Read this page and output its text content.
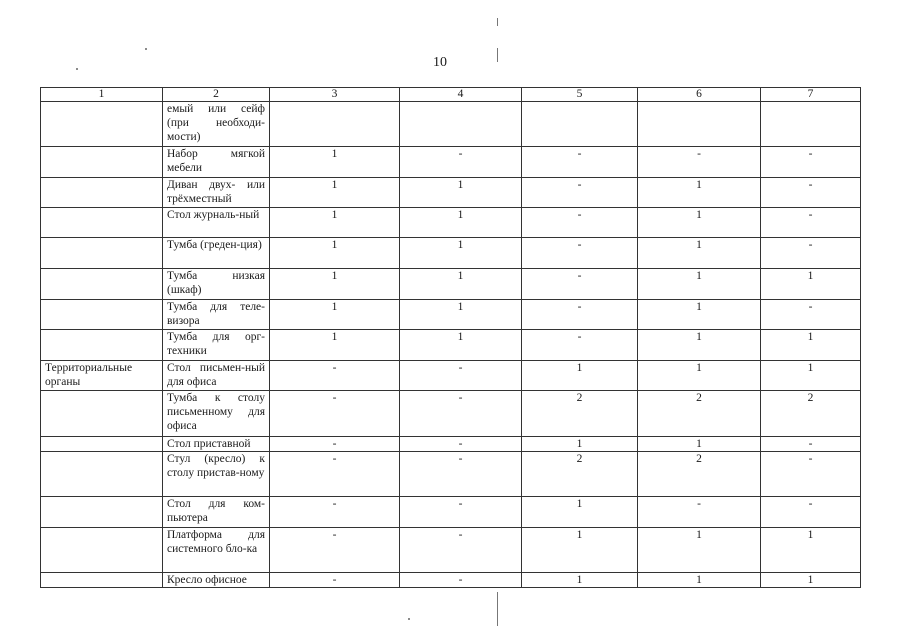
10
1	2	3	4	5	6	7
	емый или сейф (при необходи-мости)					
	Набор мягкой мебели	1	-	-	-	-
	Диван двух- или трёхместный	1	1	-	1	-
	Стол журналь-ный	1	1	-	1	-
	Тумба (греден-ция)	1	1	-	1	-
	Тумба низкая (шкаф)	1	1	-	1	1
	Тумба для теле-визора	1	1	-	1	-
	Тумба для орг-техники	1	1	-	1	1
Территориальные органы	Стол письмен-ный для офиса	-	-	1	1	1
	Тумба к столу письменному для офиса	-	-	2	2	2
	Стол приставной	-	-	1	1	-
	Стул (кресло) к столу пристав-ному	-	-	2	2	-
	Стол для ком-пьютера	-	-	1	-	-
	Платформа для системного бло-ка	-	-	1	1	1
	Кресло офисное	-	-	1	1	1
